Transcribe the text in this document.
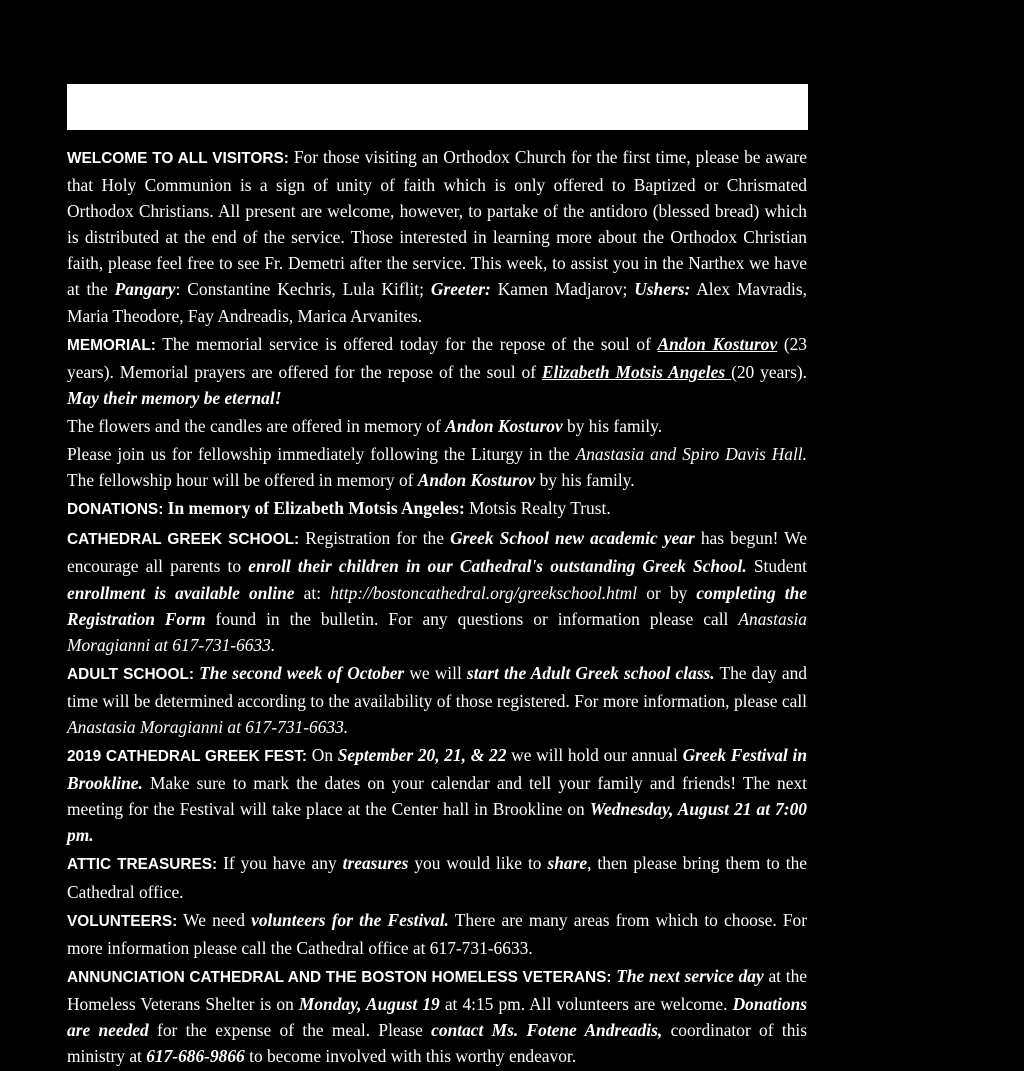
WELCOME TO ALL VISITORS: For those visiting an Orthodox Church for the first time, please be aware that Holy Communion is a sign of unity of faith which is only offered to Baptized or Chrismated Orthodox Christians. All present are welcome, however, to partake of the antidoro (blessed bread) which is distributed at the end of the service. Those interested in learning more about the Orthodox Christian faith, please feel free to see Fr. Demetri after the service. This week, to assist you in the Narthex we have at the Pangary: Constantine Kechris, Lula Kiflit; Greeter: Kamen Madjarov; Ushers: Alex Mavradis, Maria Theodore, Fay Andreadis, Marica Arvanites.

MEMORIAL: The memorial service is offered today for the repose of the soul of Andon Kosturov (23 years). Memorial prayers are offered for the repose of the soul of Elizabeth Motsis Angeles (20 years). May their memory be eternal!

The flowers and the candles are offered in memory of Andon Kosturov by his family.

Please join us for fellowship immediately following the Liturgy in the Anastasia and Spiro Davis Hall. The fellowship hour will be offered in memory of Andon Kosturov by his family.

DONATIONS: In memory of Elizabeth Motsis Angeles: Motsis Realty Trust.

CATHEDRAL GREEK SCHOOL: Registration for the Greek School new academic year has begun! We encourage all parents to enroll their children in our Cathedral's outstanding Greek School. Student enrollment is available online at: http://bostoncathedral.org/greekschool.html or by completing the Registration Form found in the bulletin. For any questions or information please call Anastasia Moragianni at 617-731-6633.

ADULT SCHOOL: The second week of October we will start the Adult Greek school class. The day and time will be determined according to the availability of those registered. For more information, please call Anastasia Moragianni at 617-731-6633.

2019 CATHEDRAL GREEK FEST: On September 20, 21, & 22 we will hold our annual Greek Festival in Brookline. Make sure to mark the dates on your calendar and tell your family and friends! The next meeting for the Festival will take place at the Center hall in Brookline on Wednesday, August 21 at 7:00 pm.

ATTIC TREASURES: If you have any treasures you would like to share, then please bring them to the Cathedral office.

VOLUNTEERS: We need volunteers for the Festival. There are many areas from which to choose. For more information please call the Cathedral office at 617-731-6633.

ANNUNCIATION CATHEDRAL AND THE BOSTON HOMELESS VETERANS: The next service day at the Homeless Veterans Shelter is on Monday, August 19 at 4:15 pm. All volunteers are welcome. Donations are needed for the expense of the meal. Please contact Ms. Fotene Andreadis, coordinator of this ministry at 617-686-9866 to become involved with this worthy endeavor.
